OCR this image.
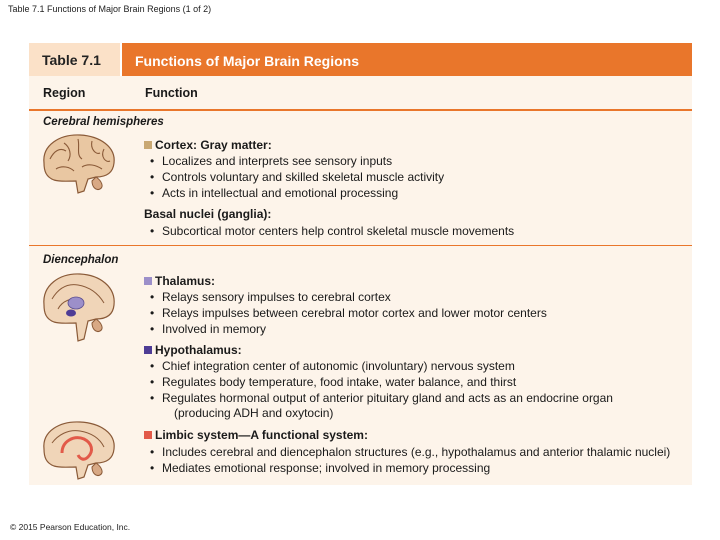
Table 7.1 Functions of Major Brain Regions (1 of 2)
Table 7.1 Functions of Major Brain Regions
Region	Function
Cerebral hemispheres
Cortex: Gray matter:
• Localizes and interprets see sensory inputs
• Controls voluntary and skilled skeletal muscle activity
• Acts in intellectual and emotional processing
Basal nuclei (ganglia):
• Subcortical motor centers help control skeletal muscle movements
Diencephalon
Thalamus:
• Relays sensory impulses to cerebral cortex
• Relays impulses between cerebral motor cortex and lower motor centers
• Involved in memory
Hypothalamus:
• Chief integration center of autonomic (involuntary) nervous system
• Regulates body temperature, food intake, water balance, and thirst
• Regulates hormonal output of anterior pituitary gland and acts as an endocrine organ
(producing ADH and oxytocin)
Limbic system—A functional system:
• Includes cerebral and diencephalon structures (e.g., hypothalamus and anterior thalamic nuclei)
• Mediates emotional response; involved in memory processing
© 2015 Pearson Education, Inc.
